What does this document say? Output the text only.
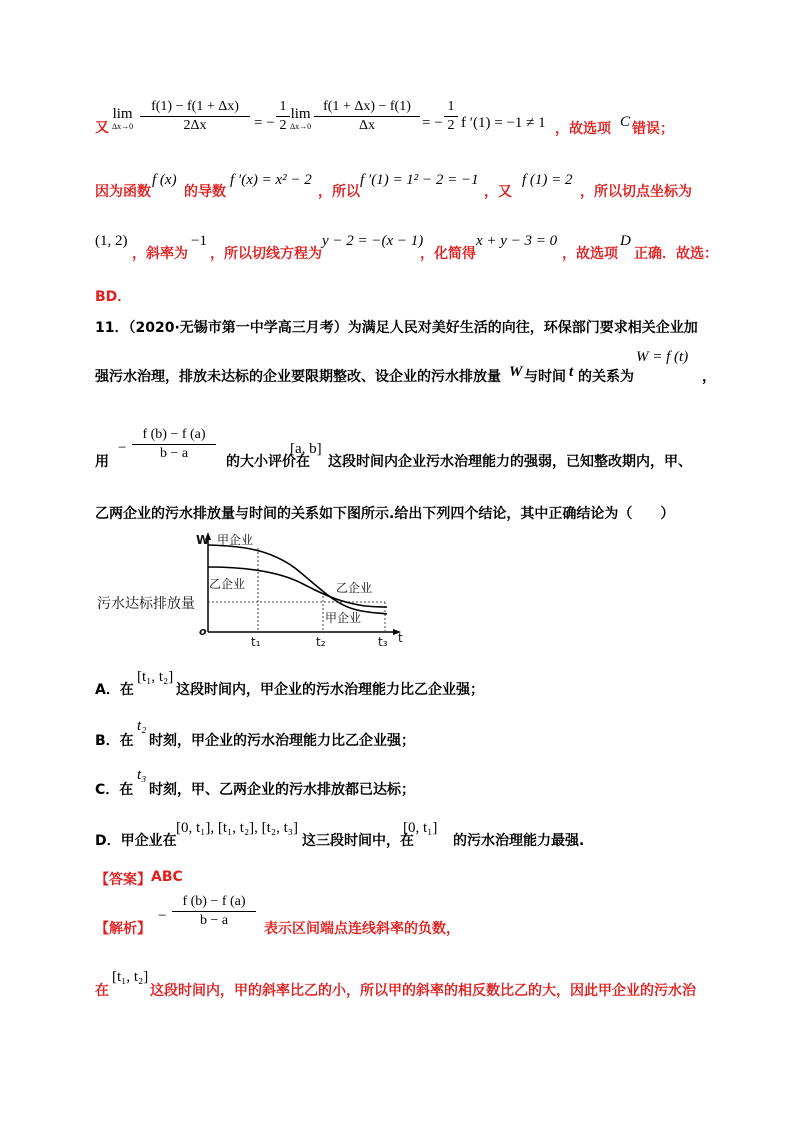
又
lim
$\Delta x\to 0 \frac{f(1) - f(1 + \Delta x)}{2\Delta x}$ = − $\frac{1}{2}$ lim
$\Delta x\to 0 \frac{f(1 + \Delta x) - f(1)}{\Delta x}$ = − $\frac{1}{2}$ f ′(1) = −1 ≠ 1 ，故选项 C 错误；
因为函数
f (x)
的导数
f ′(x) = x² − 2
，所以
f ′(1) = 1² − 2 = −1
，又
f (1) = 2
，所以切点坐标为
(1, 2)
，斜率为
−1
，所以切线方程为
y − 2 = −(x − 1)
，化简得
x + y − 3 = 0
，故选项
D
正确．故选：
BD．
11．（2020·无锡市第一中学高三月考）为满足人民对美好生活的向往，环保部门要求相关企业加
强污水治理，排放未达标的企业要限期整改、设企业的污水排放量 W 与时间 t 的关系为
W = f (t)
，
用
− $\frac{f (b) - f (a)}{b - a}$ 的大小评价在
[a, b]
这段时间内企业污水治理能力的强弱，已知整改期内，甲、
乙两企业的污水排放量与时间的关系如下图所示.给出下列四个结论，其中正确结论为（　　）
W
t
o
甲企业
乙企业	乙企业
甲企业
污水达标排放量
t₁	t₂	t₃
A．在
[t₁, t₂]
这段时间内，甲企业的污水治理能力比乙企业强；
B．在
t₂
时刻，甲企业的污水治理能力比乙企业强；
C．在
t₃
时刻，甲、乙两企业的污水排放都已达标；
D．甲企业在
[0, t₁], [t₁, t₂], [t₂, t₃]
这三段时间中，在
[0, t₁]
的污水治理能力最强.
【答案】 ABC
【解析】
− $\frac{f (b) - f (a)}{b - a}$ 表示区间端点连线斜率的负数，
在
[t₁, t₂]
这段时间内，甲的斜率比乙的小，所以甲的斜率的相反数比乙的大，因此甲企业的污水治
